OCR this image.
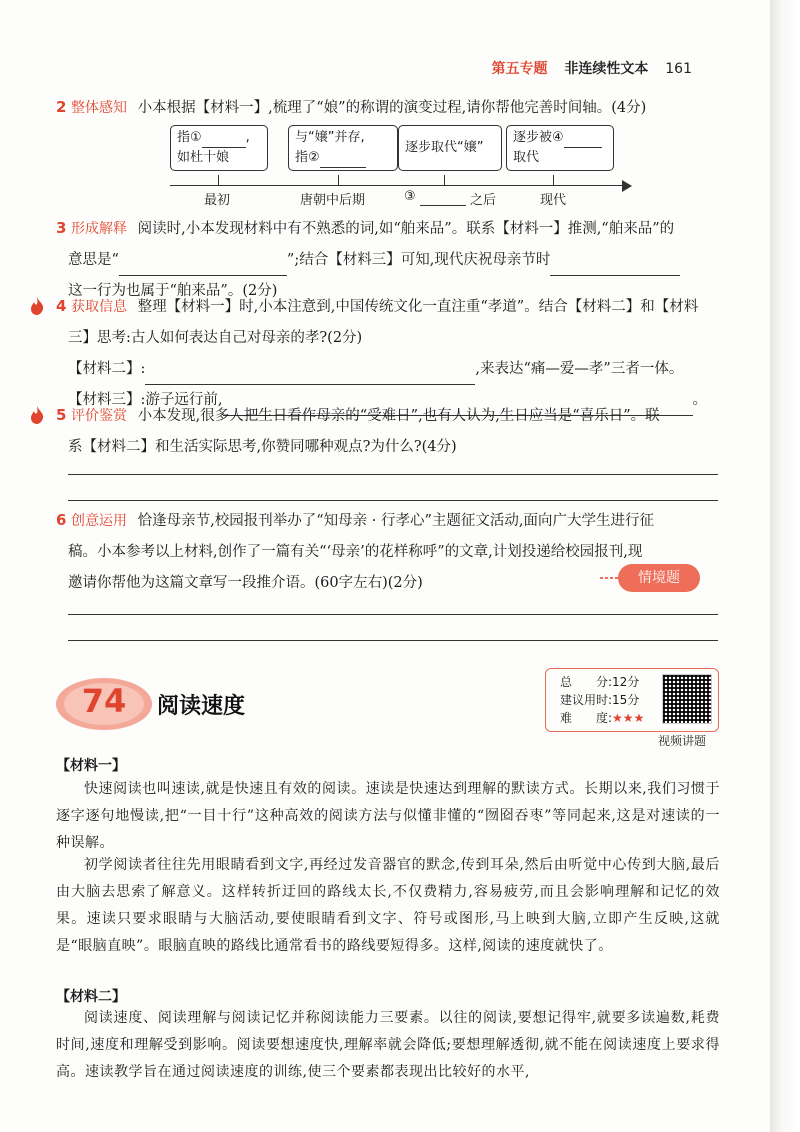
第五专题 非连续性文本 161
2 整体感知 小本根据【材料一】,梳理了“娘”的称谓的演变过程,请你帮他完善时间轴。(4分)
指①	,
如杜十娘
与“嬢”并存,
指②
逐步取代“嬢”
逐步被④
取代
最初	唐朝中后期	③	之后	现代
3 形成解释 阅读时,小本发现材料中有不熟悉的词,如“舶来品”。联系【材料一】推测,“舶来品”的
意思是“	”;结合【材料三】可知,现代庆祝母亲节时
这一行为也属于“舶来品”。(2分)
4 获取信息 整理【材料一】时,小本注意到,中国传统文化一直注重“孝道”。结合【材料二】和【材料
三】思考:古人如何表达自己对母亲的孝?(2分)
【材料二】:	,来表达“痛—爱—孝”三者一体。
【材料三】:游子远行前,	。
5 评价鉴赏 小本发现,很多人把生日看作母亲的“受难日”,也有人认为,生日应当是“喜乐日”。联
系【材料二】和生活实际思考,你赞同哪种观点?为什么?(4分)
6 创意运用 恰逢母亲节,校园报刊举办了“知母亲 · 行孝心”主题征文活动,面向广大学生进行征
稿。小本参考以上材料,创作了一篇有关“‘母亲’的花样称呼”的文章,计划投递给校园报刊,现
邀请你帮他为这篇文章写一段推介语。(60字左右)(2分)	情境题
74	阅读速度
总　　分:12分
建议用时:15分
难　　度:★★★
视频讲题
【材料一】
快速阅读也叫速读,就是快速且有效的阅读。速读是快速达到理解的默读方式。长期以来,我们习惯于逐字逐句地慢读,把“一目十行”这种高效的阅读方法与似懂非懂的“囫囵吞枣”等同起来,这是对速读的一种误解。
初学阅读者往往先用眼睛看到文字,再经过发音器官的默念,传到耳朵,然后由听觉中心传到大脑,最后由大脑去思索了解意义。这样转折迂回的路线太长,不仅费精力,容易疲劳,而且会影响理解和记忆的效果。速读只要求眼睛与大脑活动,要使眼睛看到文字、符号或图形,马上映到大脑,立即产生反映,这就是“眼脑直映”。眼脑直映的路线比通常看书的路线要短得多。这样,阅读的速度就快了。
【材料二】
阅读速度、阅读理解与阅读记忆并称阅读能力三要素。以往的阅读,要想记得牢,就要多读遍数,耗费时间,速度和理解受到影响。阅读要想速度快,理解率就会降低;要想理解透彻,就不能在阅读速度上要求得高。速读教学旨在通过阅读速度的训练,使三个要素都表现出比较好的水平,
